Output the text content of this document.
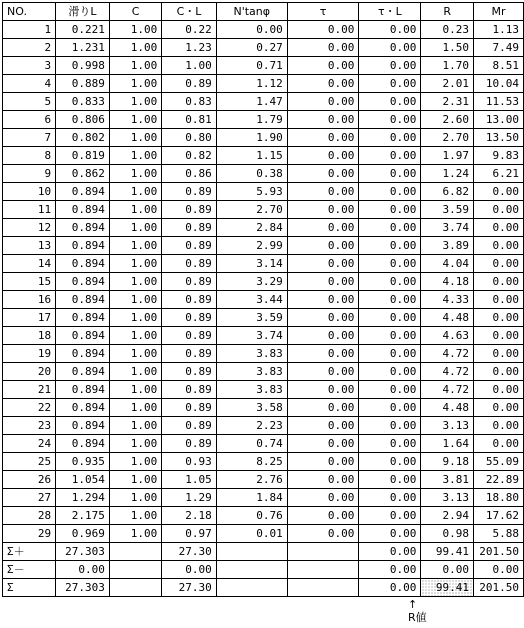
NO.	滑りL	C	C・L	N'tanφ	τ	τ・L	R	Mr
1	0.221	1.00	0.22	0.00	0.00	0.00	0.23	1.13
2	1.231	1.00	1.23	0.27	0.00	0.00	1.50	7.49
3	0.998	1.00	1.00	0.71	0.00	0.00	1.70	8.51
4	0.889	1.00	0.89	1.12	0.00	0.00	2.01	10.04
5	0.833	1.00	0.83	1.47	0.00	0.00	2.31	11.53
6	0.806	1.00	0.81	1.79	0.00	0.00	2.60	13.00
7	0.802	1.00	0.80	1.90	0.00	0.00	2.70	13.50
8	0.819	1.00	0.82	1.15	0.00	0.00	1.97	9.83
9	0.862	1.00	0.86	0.38	0.00	0.00	1.24	6.21
10	0.894	1.00	0.89	5.93	0.00	0.00	6.82	0.00
11	0.894	1.00	0.89	2.70	0.00	0.00	3.59	0.00
12	0.894	1.00	0.89	2.84	0.00	0.00	3.74	0.00
13	0.894	1.00	0.89	2.99	0.00	0.00	3.89	0.00
14	0.894	1.00	0.89	3.14	0.00	0.00	4.04	0.00
15	0.894	1.00	0.89	3.29	0.00	0.00	4.18	0.00
16	0.894	1.00	0.89	3.44	0.00	0.00	4.33	0.00
17	0.894	1.00	0.89	3.59	0.00	0.00	4.48	0.00
18	0.894	1.00	0.89	3.74	0.00	0.00	4.63	0.00
19	0.894	1.00	0.89	3.83	0.00	0.00	4.72	0.00
20	0.894	1.00	0.89	3.83	0.00	0.00	4.72	0.00
21	0.894	1.00	0.89	3.83	0.00	0.00	4.72	0.00
22	0.894	1.00	0.89	3.58	0.00	0.00	4.48	0.00
23	0.894	1.00	0.89	2.23	0.00	0.00	3.13	0.00
24	0.894	1.00	0.89	0.74	0.00	0.00	1.64	0.00
25	0.935	1.00	0.93	8.25	0.00	0.00	9.18	55.09
26	1.054	1.00	1.05	2.76	0.00	0.00	3.81	22.89
27	1.294	1.00	1.29	1.84	0.00	0.00	3.13	18.80
28	2.175	1.00	2.18	0.76	0.00	0.00	2.94	17.62
29	0.969	1.00	0.97	0.01	0.00	0.00	0.98	5.88
Σ＋	27.303		27.30			0.00	99.41	201.50
Σ－	0.00		0.00			0.00	0.00	0.00
Σ	27.303		27.30			0.00	99.41	201.50
↑
R値
